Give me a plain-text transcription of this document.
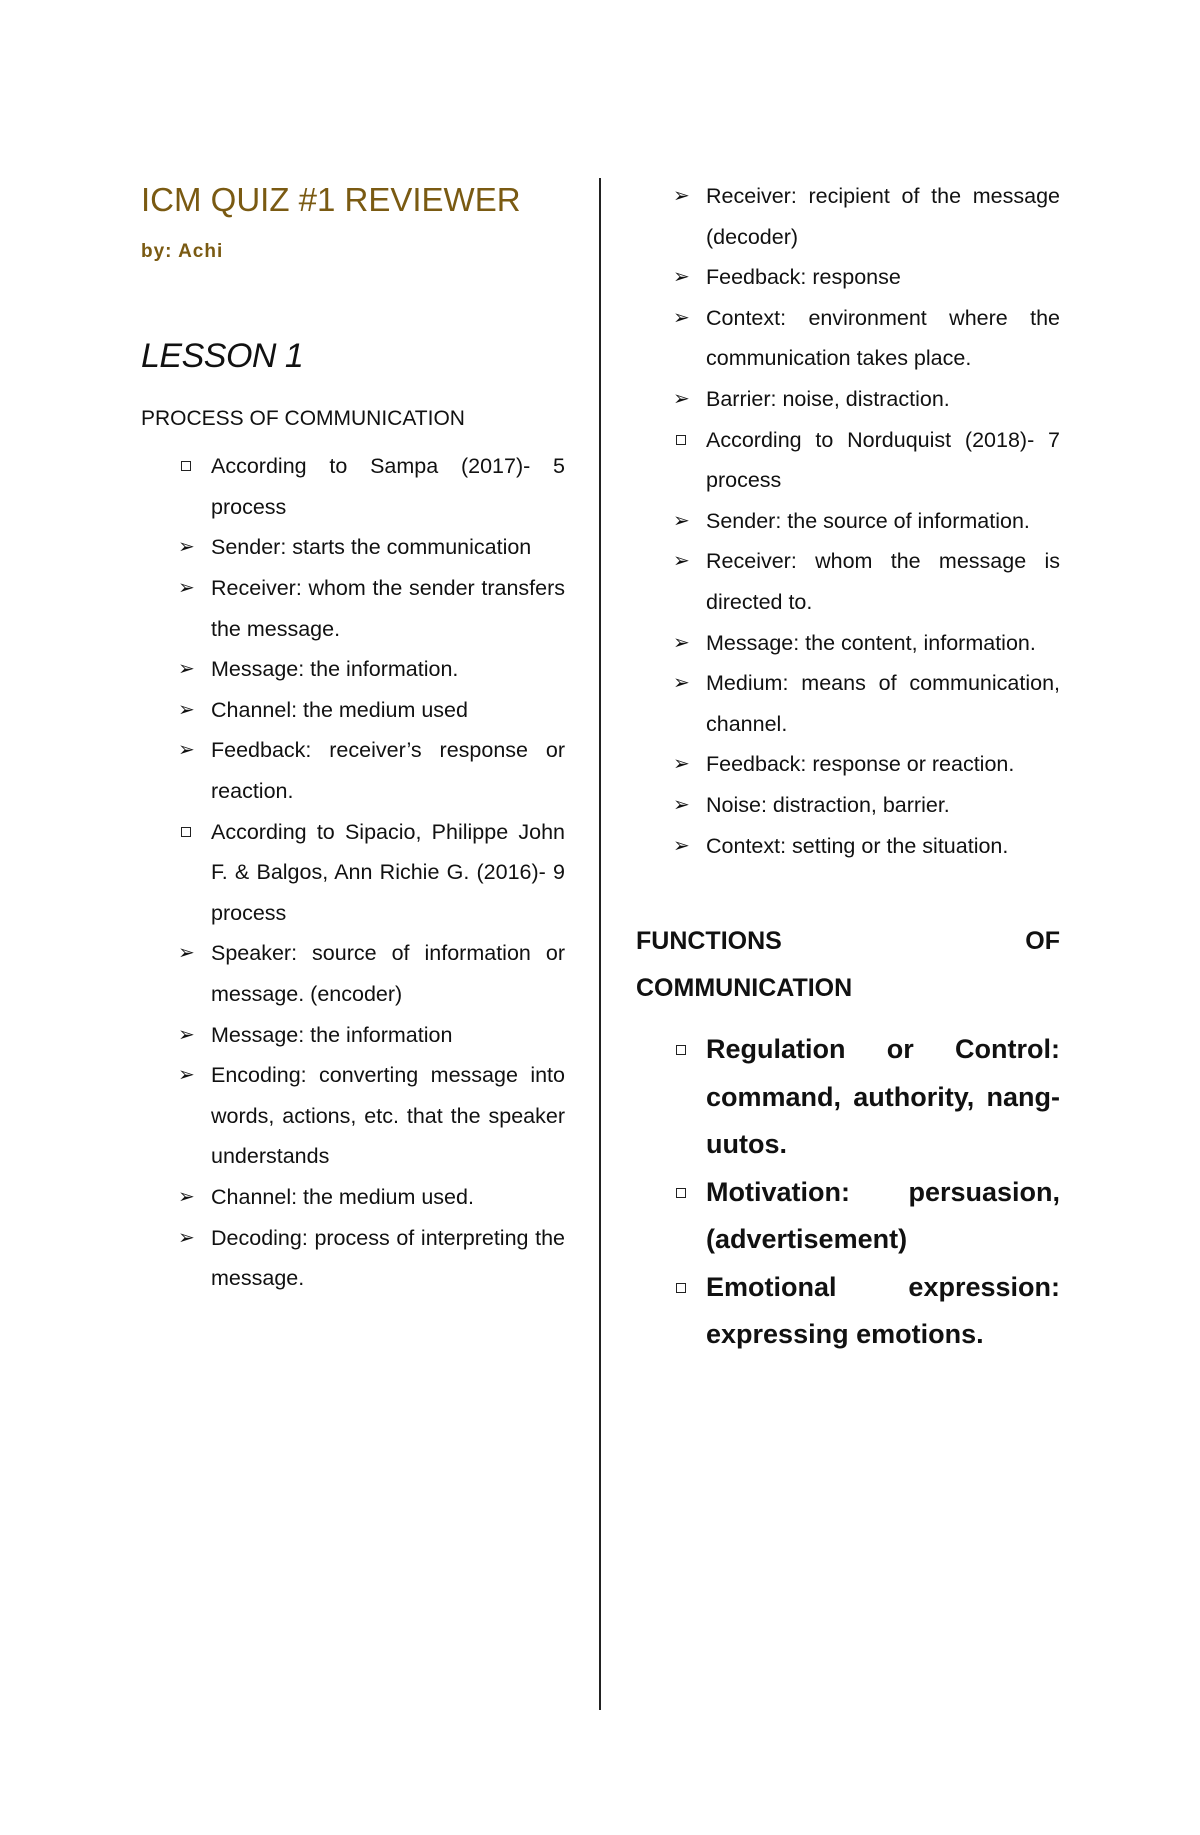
ICM QUIZ #1 REVIEWER
by: Achi
LESSON 1
PROCESS OF COMMUNICATION
According to Sampa (2017)- 5 process
➢ Sender: starts the communication
➢ Receiver: whom the sender transfers the message.
➢ Message: the information.
➢ Channel: the medium used
➢ Feedback: receiver’s response or reaction.
According to Sipacio, Philippe John F. & Balgos, Ann Richie G. (2016)- 9 process
➢ Speaker: source of information or message. (encoder)
➢ Message: the information
➢ Encoding: converting message into words, actions, etc. that the speaker understands
➢ Channel: the medium used.
➢ Decoding: process of interpreting the message.
➢ Receiver: recipient of the message (decoder)
➢ Feedback: response
➢ Context: environment where the communication takes place.
➢ Barrier: noise, distraction.
According to Norduquist (2018)- 7 process
➢ Sender: the source of information.
➢ Receiver: whom the message is directed to.
➢ Message: the content, information.
➢ Medium: means of communication, channel.
➢ Feedback: response or reaction.
➢ Noise: distraction, barrier.
➢ Context: setting or the situation.
FUNCTIONS OF
COMMUNICATION
Regulation or Control: command, authority, nang-uutos.
Motivation: persuasion, (advertisement)
Emotional expression: expressing emotions.
